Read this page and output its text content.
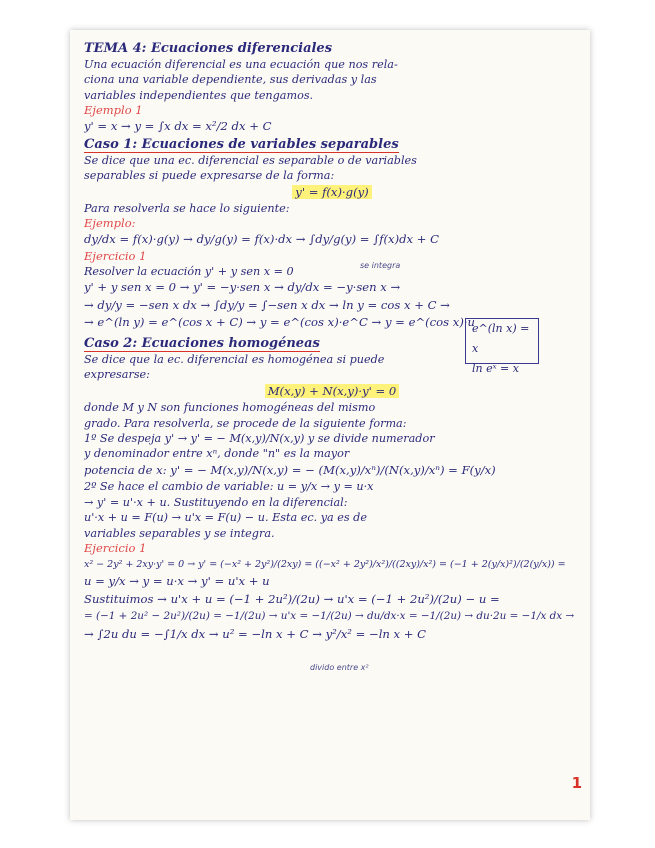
TEMA 4: Ecuaciones diferenciales
Una ecuación diferencial es una ecuación que nos rela-
ciona una variable dependiente, sus derivadas y las
variables independientes que tengamos.
Ejemplo 1
y' = x → y = ∫x dx = x²/2 dx + C
Caso 1: Ecuaciones de variables separables
Se dice que una ec. diferencial es separable o de variables
separables si puede expresarse de la forma:
y' = f(x)·g(y)
Para resolverla se hace lo siguiente:
Ejemplo:
dy/dx = f(x)·g(y) → dy/g(y) = f(x)·dx → ∫dy/g(y) = ∫f(x)dx + C
Ejercicio 1
Resolver la ecuación y' + y sen x = 0
y' + y sen x = 0 → y' = −y·sen x → dy/dx = −y·sen x →
→ dy/y = −sen x dx → ∫dy/y = ∫−sen x dx → ln y = cos x + C →
→ e^(ln y) = e^(cos x + C) → y = e^(cos x)·e^C → y = e^(cos x)·u
Caso 2: Ecuaciones homogéneas
Se dice que la ec. diferencial es homogénea si puede
expresarse:
M(x,y) + N(x,y)·y' = 0
donde M y N son funciones homogéneas del mismo
grado. Para resolverla, se procede de la siguiente forma:
1º Se despeja y' → y' = − M(x,y)/N(x,y) y se divide numerador
y denominador entre xⁿ, donde "n" es la mayor
potencia de x: y' = − M(x,y)/N(x,y) = − (M(x,y)/xⁿ)/(N(x,y)/xⁿ) = F(y/x)
2º Se hace el cambio de variable: u = y/x → y = u·x
→ y' = u'·x + u. Sustituyendo en la diferencial:
u'·x + u = F(u) → u'x = F(u) − u. Esta ec. ya es de
variables separables y se integra.
Ejercicio 1
x² − 2y² + 2xy·y' = 0 → y' = (−x² + 2y²)/(2xy) = ((−x² + 2y²)/x²)/((2xy)/x²) = (−1 + 2(y/x)²)/(2(y/x)) =
u = y/x → y = u·x → y' = u'x + u
Sustituimos → u'x + u = (−1 + 2u²)/(2u) → u'x = (−1 + 2u²)/(2u) − u =
= (−1 + 2u² − 2u²)/(2u) = −1/(2u) → u'x = −1/(2u) → du/dx·x = −1/(2u) → du·2u = −1/x dx →
→ ∫2u du = −∫1/x dx → u² = −ln x + C → y²/x² = −ln x + C
se integra
divido entre x²
e^(ln x) = x
ln eˣ = x
1
